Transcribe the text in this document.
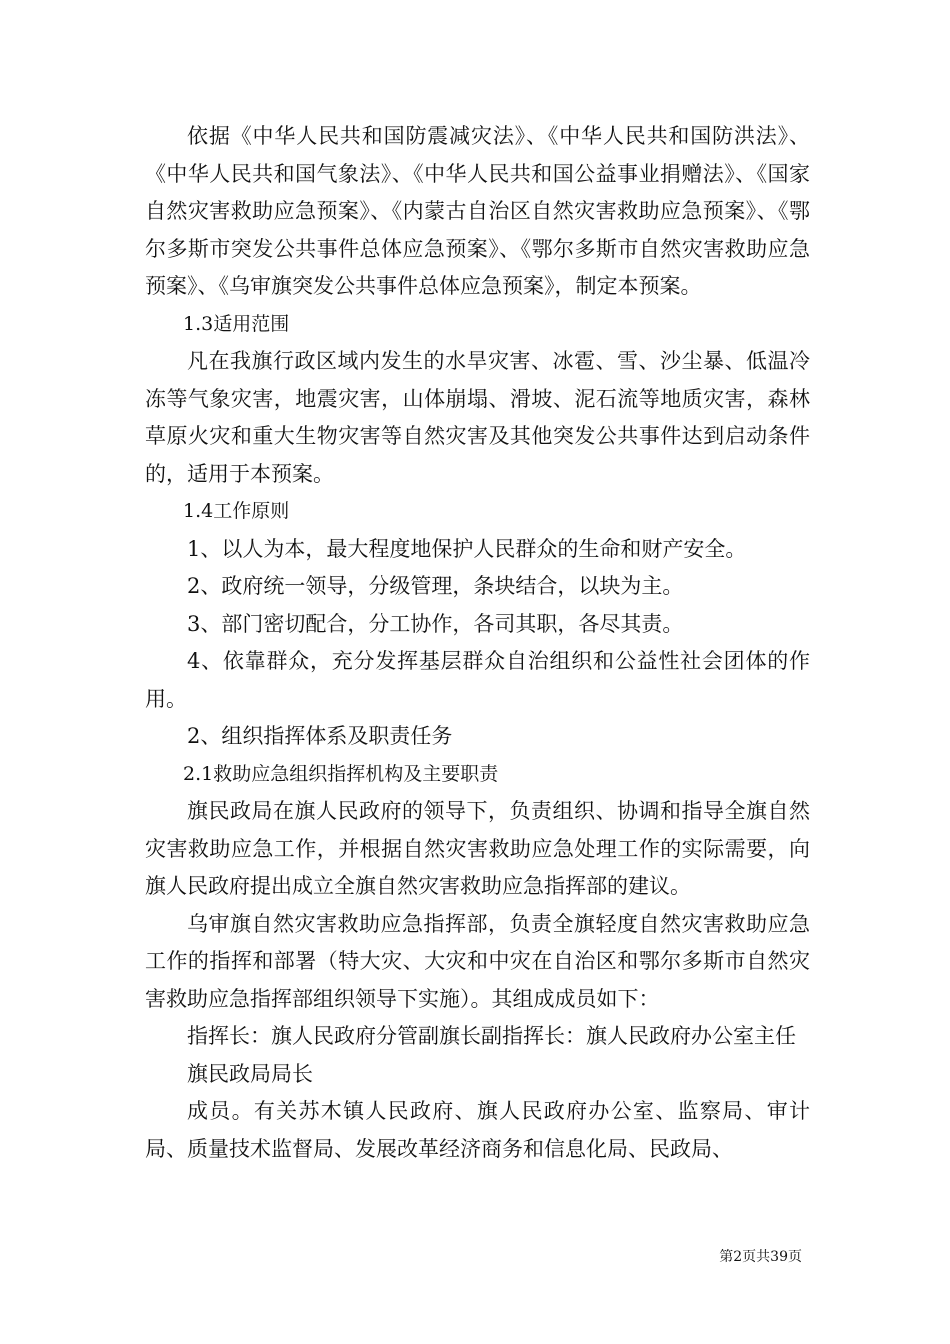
依据《中华人民共和国防震减灾法》、《中华人民共和国防洪法》、《中华人民共和国气象法》、《中华人民共和国公益事业捐赠法》、《国家自然灾害救助应急预案》、《内蒙古自治区自然灾害救助应急预案》、《鄂尔多斯市突发公共事件总体应急预案》、《鄂尔多斯市自然灾害救助应急预案》、《乌审旗突发公共事件总体应急预案》，制定本预案。

1.3适用范围

凡在我旗行政区域内发生的水旱灾害、冰雹、雪、沙尘暴、低温冷冻等气象灾害，地震灾害，山体崩塌、滑坡、泥石流等地质灾害，森林草原火灾和重大生物灾害等自然灾害及其他突发公共事件达到启动条件的，适用于本预案。

1.4工作原则

1、以人为本，最大程度地保护人民群众的生命和财产安全。

2、政府统一领导，分级管理，条块结合，以块为主。

3、部门密切配合，分工协作，各司其职，各尽其责。

4、依靠群众，充分发挥基层群众自治组织和公益性社会团体的作用。

2、组织指挥体系及职责任务

2.1救助应急组织指挥机构及主要职责

旗民政局在旗人民政府的领导下，负责组织、协调和指导全旗自然灾害救助应急工作，并根据自然灾害救助应急处理工作的实际需要，向旗人民政府提出成立全旗自然灾害救助应急指挥部的建议。

乌审旗自然灾害救助应急指挥部，负责全旗轻度自然灾害救助应急工作的指挥和部署（特大灾、大灾和中灾在自治区和鄂尔多斯市自然灾害救助应急指挥部组织领导下实施）。其组成成员如下：

指挥长：旗人民政府分管副旗长副指挥长：旗人民政府办公室主任

旗民政局局长

成员。有关苏木镇人民政府、旗人民政府办公室、监察局、审计局、质量技术监督局、发展改革经济商务和信息化局、民政局、

第2页共39页
